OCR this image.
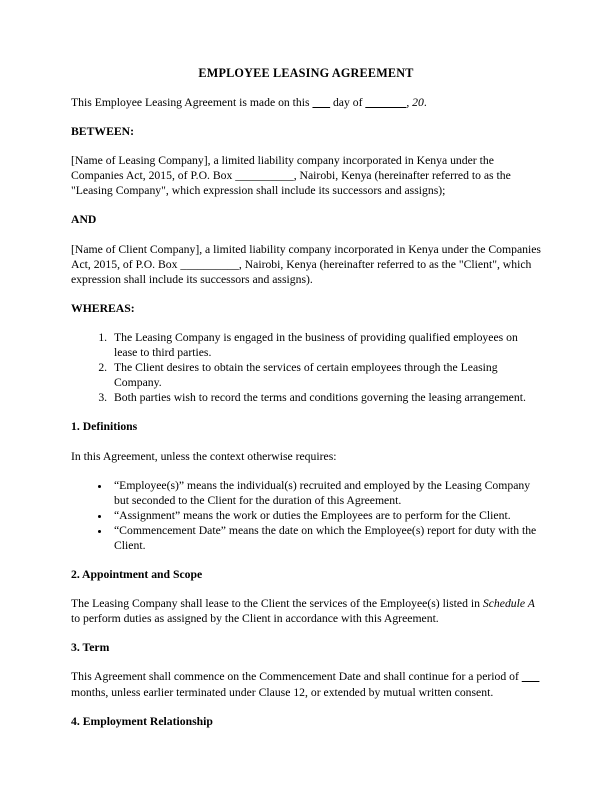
EMPLOYEE LEASING AGREEMENT

This Employee Leasing Agreement is made on this ___ day of _______, 20.

BETWEEN:

[Name of Leasing Company], a limited liability company incorporated in Kenya under the Companies Act, 2015, of P.O. Box __________, Nairobi, Kenya (hereinafter referred to as the "Leasing Company", which expression shall include its successors and assigns);

AND

[Name of Client Company], a limited liability company incorporated in Kenya under the Companies Act, 2015, of P.O. Box __________, Nairobi, Kenya (hereinafter referred to as the "Client", which expression shall include its successors and assigns).

WHEREAS:
1. The Leasing Company is engaged in the business of providing qualified employees on lease to third parties.
2. The Client desires to obtain the services of certain employees through the Leasing Company.
3. Both parties wish to record the terms and conditions governing the leasing arrangement.
1. Definitions

In this Agreement, unless the context otherwise requires:

• “Employee(s)” means the individual(s) recruited and employed by the Leasing Company but seconded to the Client for the duration of this Agreement.
• “Assignment” means the work or duties the Employees are to perform for the Client.
• “Commencement Date” means the date on which the Employee(s) report for duty with the Client.
2. Appointment and Scope

The Leasing Company shall lease to the Client the services of the Employee(s) listed in Schedule A to perform duties as assigned by the Client in accordance with this Agreement.

3. Term

This Agreement shall commence on the Commencement Date and shall continue for a period of ___ months, unless earlier terminated under Clause 12, or extended by mutual written consent.

4. Employment Relationship
